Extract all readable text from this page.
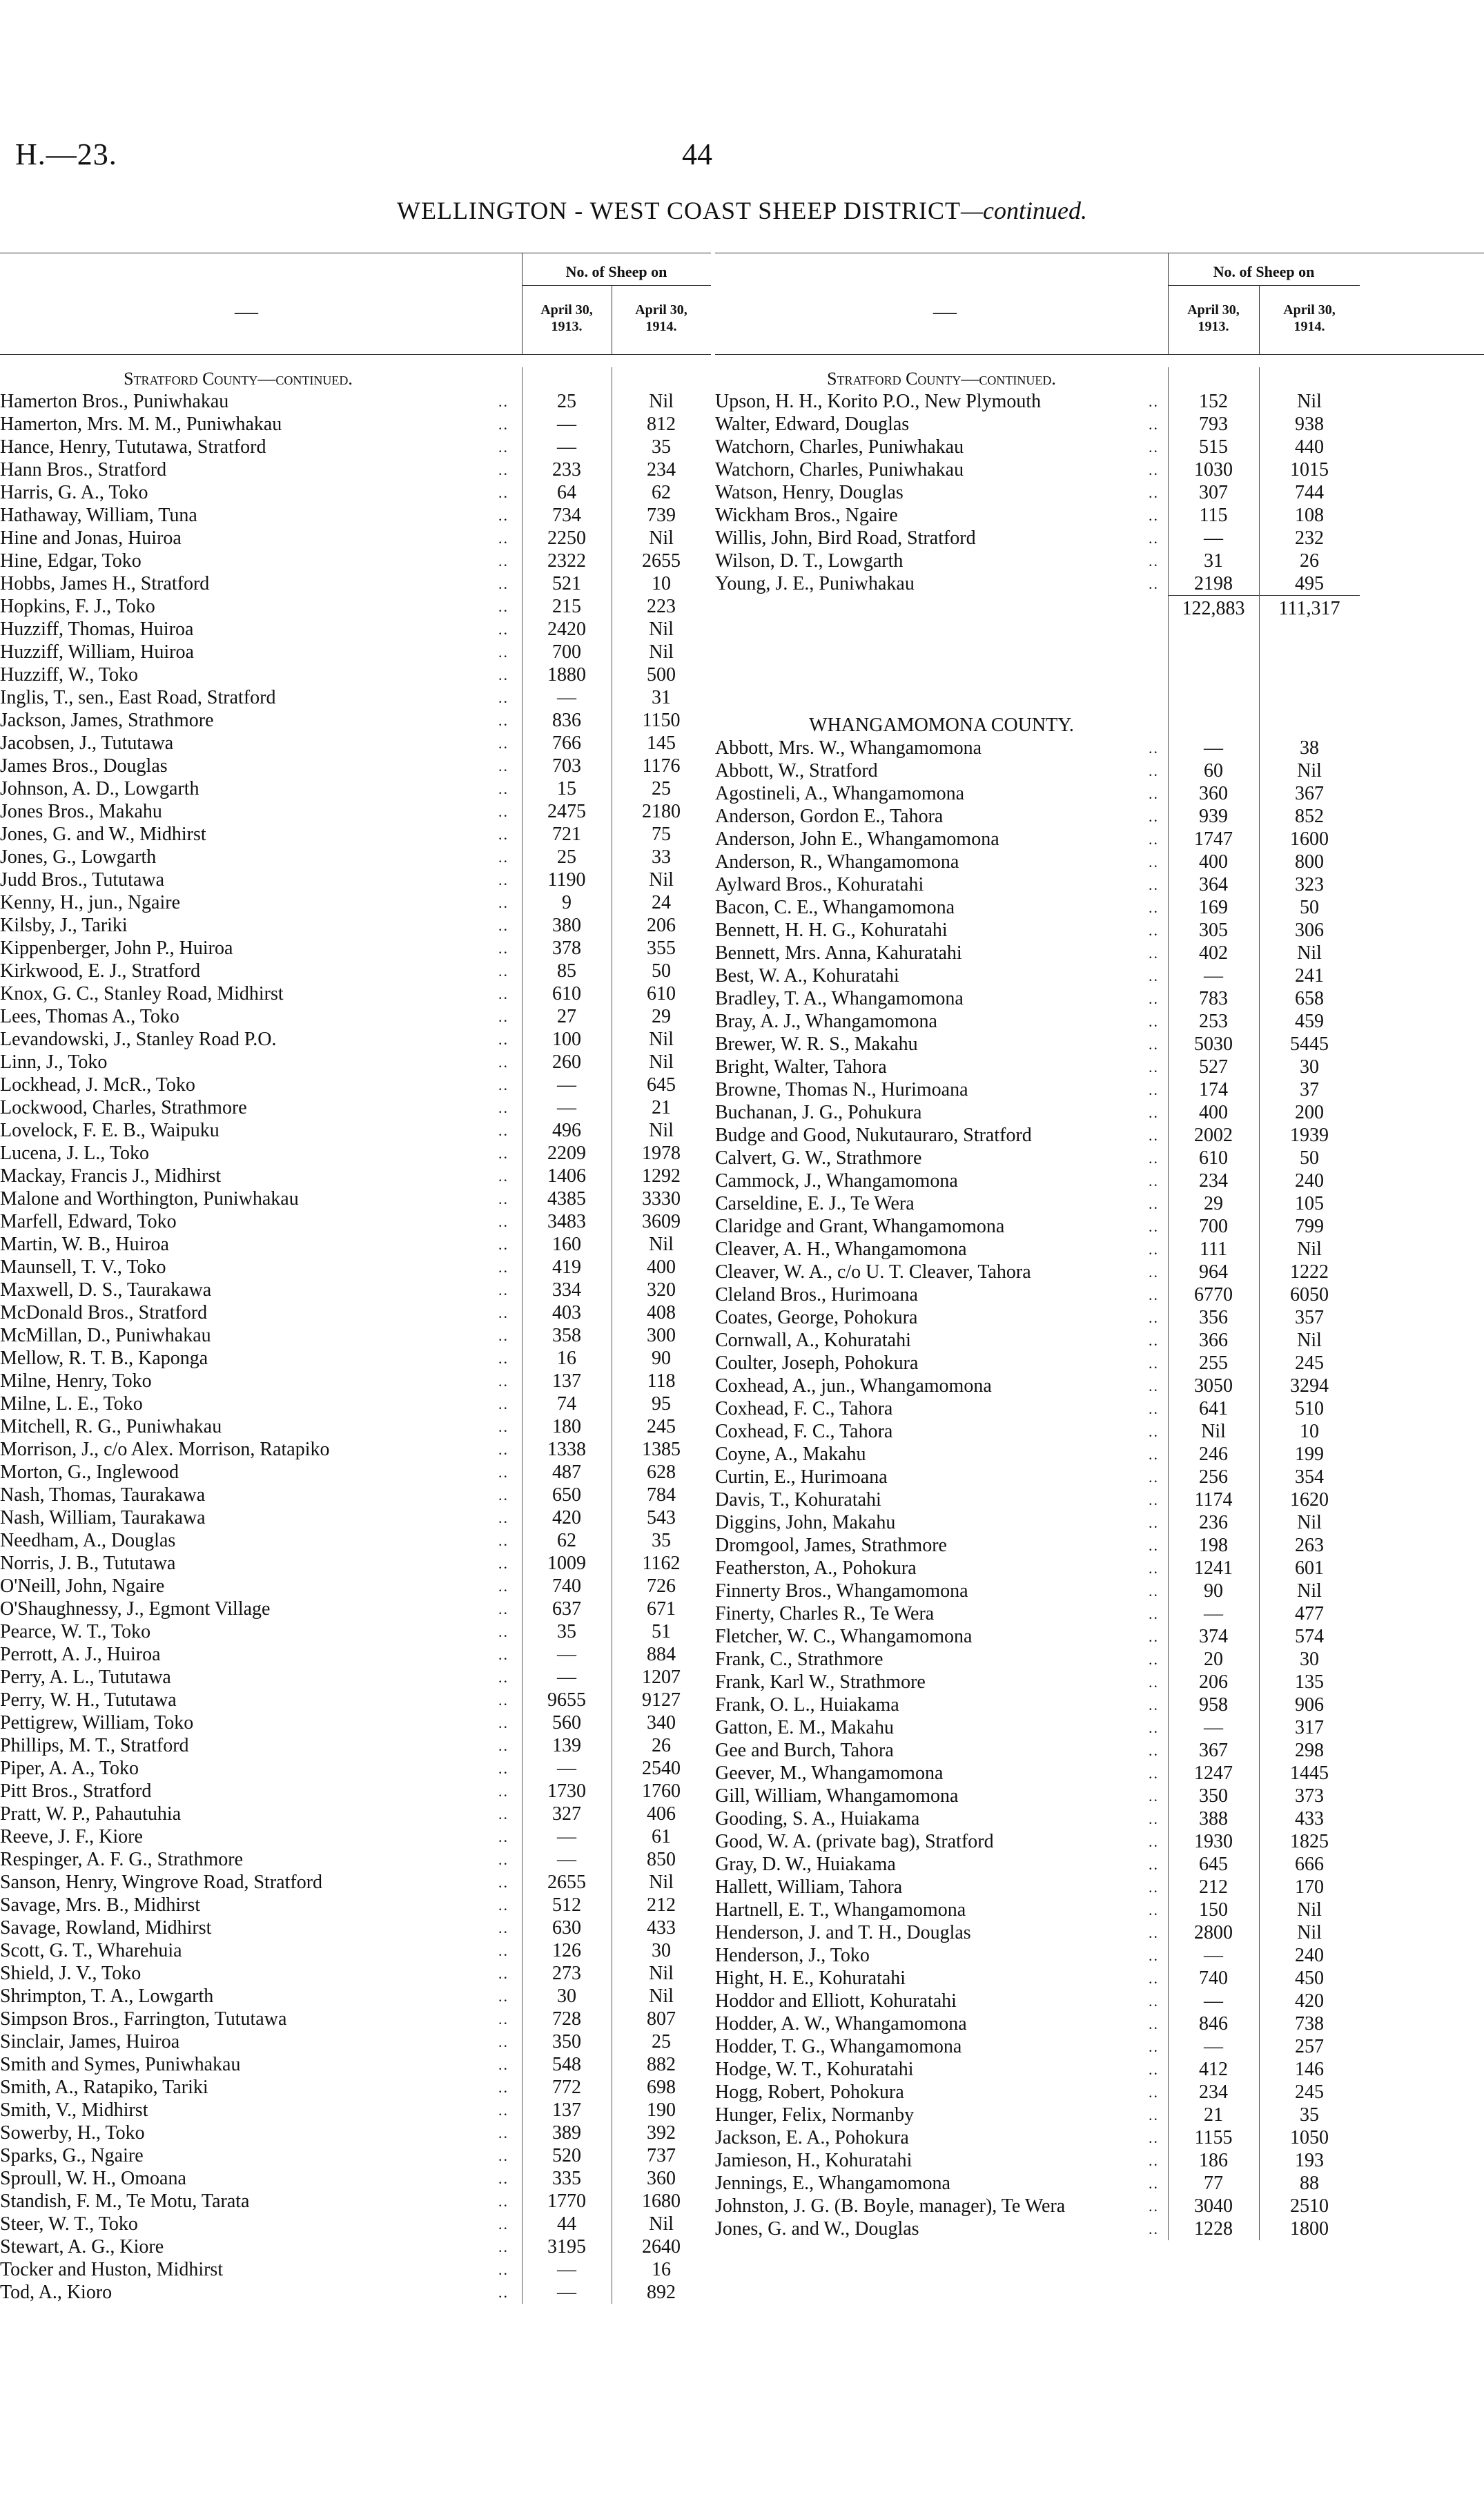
H.—23.	44
WELLINGTON - WEST COAST SHEEP DISTRICT—continued.
—
No. of Sheep on
April 30,
1913.
April 30,
1914.
Stratford County—continued.
Hamerton Bros., Puniwhakau	..	25	Nil
Hamerton, Mrs. M. M., Puniwhakau	..	—	812
Hance, Henry, Tututawa, Stratford	..	—	35
Hann Bros., Stratford	..	233	234
Harris, G. A., Toko	..	64	62
Hathaway, William, Tuna	..	734	739
Hine and Jonas, Huiroa	..	2250	Nil
Hine, Edgar, Toko	..	2322	2655
Hobbs, James H., Stratford	..	521	10
Hopkins, F. J., Toko	..	215	223
Huzziff, Thomas, Huiroa	..	2420	Nil
Huzziff, William, Huiroa	..	700	Nil
Huzziff, W., Toko	..	1880	500
Inglis, T., sen., East Road, Stratford	..	—	31
Jackson, James, Strathmore	..	836	1150
Jacobsen, J., Tututawa	..	766	145
James Bros., Douglas	..	703	1176
Johnson, A. D., Lowgarth	..	15	25
Jones Bros., Makahu	..	2475	2180
Jones, G. and W., Midhirst	..	721	75
Jones, G., Lowgarth	..	25	33
Judd Bros., Tututawa	..	1190	Nil
Kenny, H., jun., Ngaire	..	9	24
Kilsby, J., Tariki	..	380	206
Kippenberger, John P., Huiroa	..	378	355
Kirkwood, E. J., Stratford	..	85	50
Knox, G. C., Stanley Road, Midhirst	..	610	610
Lees, Thomas A., Toko	..	27	29
Levandowski, J., Stanley Road P.O.	..	100	Nil
Linn, J., Toko	..	260	Nil
Lockhead, J. McR., Toko	..	—	645
Lockwood, Charles, Strathmore	..	—	21
Lovelock, F. E. B., Waipuku	..	496	Nil
Lucena, J. L., Toko	..	2209	1978
Mackay, Francis J., Midhirst	..	1406	1292
Malone and Worthington, Puniwhakau	..	4385	3330
Marfell, Edward, Toko	..	3483	3609
Martin, W. B., Huiroa	..	160	Nil
Maunsell, T. V., Toko	..	419	400
Maxwell, D. S., Taurakawa	..	334	320
McDonald Bros., Stratford	..	403	408
McMillan, D., Puniwhakau	..	358	300
Mellow, R. T. B., Kaponga	..	16	90
Milne, Henry, Toko	..	137	118
Milne, L. E., Toko	..	74	95
Mitchell, R. G., Puniwhakau	..	180	245
Morrison, J., c/o Alex. Morrison, Ratapiko	..	1338	1385
Morton, G., Inglewood	..	487	628
Nash, Thomas, Taurakawa	..	650	784
Nash, William, Taurakawa	..	420	543
Needham, A., Douglas	..	62	35
Norris, J. B., Tututawa	..	1009	1162
O'Neill, John, Ngaire	..	740	726
O'Shaughnessy, J., Egmont Village	..	637	671
Pearce, W. T., Toko	..	35	51
Perrott, A. J., Huiroa	..	—	884
Perry, A. L., Tututawa	..	—	1207
Perry, W. H., Tututawa	..	9655	9127
Pettigrew, William, Toko	..	560	340
Phillips, M. T., Stratford	..	139	26
Piper, A. A., Toko	..	—	2540
Pitt Bros., Stratford	..	1730	1760
Pratt, W. P., Pahautuhia	..	327	406
Reeve, J. F., Kiore	..	—	61
Respinger, A. F. G., Strathmore	..	—	850
Sanson, Henry, Wingrove Road, Stratford	..	2655	Nil
Savage, Mrs. B., Midhirst	..	512	212
Savage, Rowland, Midhirst	..	630	433
Scott, G. T., Wharehuia	..	126	30
Shield, J. V., Toko	..	273	Nil
Shrimpton, T. A., Lowgarth	..	30	Nil
Simpson Bros., Farrington, Tututawa	..	728	807
Sinclair, James, Huiroa	..	350	25
Smith and Symes, Puniwhakau	..	548	882
Smith, A., Ratapiko, Tariki	..	772	698
Smith, V., Midhirst	..	137	190
Sowerby, H., Toko	..	389	392
Sparks, G., Ngaire	..	520	737
Sproull, W. H., Omoana	..	335	360
Standish, F. M., Te Motu, Tarata	..	1770	1680
Steer, W. T., Toko	..	44	Nil
Stewart, A. G., Kiore	..	3195	2640
Tocker and Huston, Midhirst	..	—	16
Tod, A., Kioro	..	—	892
—
No. of Sheep on
April 30,
1913.
April 30,
1914.
Stratford County—continued.
Upson, H. H., Korito P.O., New Plymouth	..	152	Nil
Walter, Edward, Douglas	..	793	938
Watchorn, Charles, Puniwhakau	..	515	440
Watchorn, Charles, Puniwhakau	..	1030	1015
Watson, Henry, Douglas	..	307	744
Wickham Bros., Ngaire	..	115	108
Willis, John, Bird Road, Stratford	..	—	232
Wilson, D. T., Lowgarth	..	31	26
Young, J. E., Puniwhakau	..	2198	495
122,883	111,317
WHANGAMOMONA COUNTY.
Abbott, Mrs. W., Whangamomona	..	—	38
Abbott, W., Stratford	..	60	Nil
Agostineli, A., Whangamomona	..	360	367
Anderson, Gordon E., Tahora	..	939	852
Anderson, John E., Whangamomona	..	1747	1600
Anderson, R., Whangamomona	..	400	800
Aylward Bros., Kohuratahi	..	364	323
Bacon, C. E., Whangamomona	..	169	50
Bennett, H. H. G., Kohuratahi	..	305	306
Bennett, Mrs. Anna, Kahuratahi	..	402	Nil
Best, W. A., Kohuratahi	..	—	241
Bradley, T. A., Whangamomona	..	783	658
Bray, A. J., Whangamomona	..	253	459
Brewer, W. R. S., Makahu	..	5030	5445
Bright, Walter, Tahora	..	527	30
Browne, Thomas N., Hurimoana	..	174	37
Buchanan, J. G., Pohukura	..	400	200
Budge and Good, Nukutauraro, Stratford	..	2002	1939
Calvert, G. W., Strathmore	..	610	50
Cammock, J., Whangamomona	..	234	240
Carseldine, E. J., Te Wera	..	29	105
Claridge and Grant, Whangamomona	..	700	799
Cleaver, A. H., Whangamomona	..	111	Nil
Cleaver, W. A., c/o U. T. Cleaver, Tahora	..	964	1222
Cleland Bros., Hurimoana	..	6770	6050
Coates, George, Pohokura	..	356	357
Cornwall, A., Kohuratahi	..	366	Nil
Coulter, Joseph, Pohokura	..	255	245
Coxhead, A., jun., Whangamomona	..	3050	3294
Coxhead, F. C., Tahora	..	641	510
Coxhead, F. C., Tahora	..	Nil	10
Coyne, A., Makahu	..	246	199
Curtin, E., Hurimoana	..	256	354
Davis, T., Kohuratahi	..	1174	1620
Diggins, John, Makahu	..	236	Nil
Dromgool, James, Strathmore	..	198	263
Featherston, A., Pohokura	..	1241	601
Finnerty Bros., Whangamomona	..	90	Nil
Finerty, Charles R., Te Wera	..	—	477
Fletcher, W. C., Whangamomona	..	374	574
Frank, C., Strathmore	..	20	30
Frank, Karl W., Strathmore	..	206	135
Frank, O. L., Huiakama	..	958	906
Gatton, E. M., Makahu	..	—	317
Gee and Burch, Tahora	..	367	298
Geever, M., Whangamomona	..	1247	1445
Gill, William, Whangamomona	..	350	373
Gooding, S. A., Huiakama	..	388	433
Good, W. A. (private bag), Stratford	..	1930	1825
Gray, D. W., Huiakama	..	645	666
Hallett, William, Tahora	..	212	170
Hartnell, E. T., Whangamomona	..	150	Nil
Henderson, J. and T. H., Douglas	..	2800	Nil
Henderson, J., Toko	..	—	240
Hight, H. E., Kohuratahi	..	740	450
Hoddor and Elliott, Kohuratahi	..	—	420
Hodder, A. W., Whangamomona	..	846	738
Hodder, T. G., Whangamomona	..	—	257
Hodge, W. T., Kohuratahi	..	412	146
Hogg, Robert, Pohokura	..	234	245
Hunger, Felix, Normanby	..	21	35
Jackson, E. A., Pohokura	..	1155	1050
Jamieson, H., Kohuratahi	..	186	193
Jennings, E., Whangamomona	..	77	88
Johnston, J. G. (B. Boyle, manager), Te Wera	..	3040	2510
Jones, G. and W., Douglas	..	1228	1800
